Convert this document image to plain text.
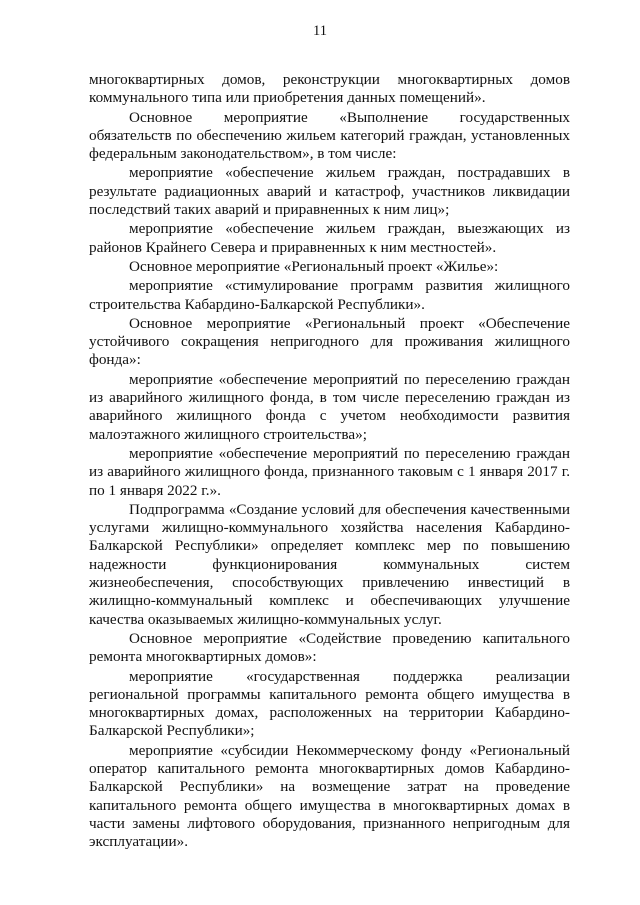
11

многоквартирных домов, реконструкции многоквартирных домов коммунального типа или приобретения данных помещений».

Основное мероприятие «Выполнение государственных обязательств по обеспечению жильем категорий граждан, установленных федеральным законодательством», в том числе:

мероприятие «обеспечение жильем граждан, пострадавших в результате радиационных аварий и катастроф, участников ликвидации последствий таких аварий и приравненных к ним лиц»;

мероприятие «обеспечение жильем граждан, выезжающих из районов Крайнего Севера и приравненных к ним местностей».

Основное мероприятие «Региональный проект «Жилье»:

мероприятие «стимулирование программ развития жилищного строительства Кабардино-Балкарской Республики».

Основное мероприятие «Региональный проект «Обеспечение устойчивого сокращения непригодного для проживания жилищного фонда»:

мероприятие «обеспечение мероприятий по переселению граждан из аварийного жилищного фонда, в том числе переселению граждан из аварийного жилищного фонда с учетом необходимости развития малоэтажного жилищного строительства»;

мероприятие «обеспечение мероприятий по переселению граждан из аварийного жилищного фонда, признанного таковым с 1 января 2017 г. по 1 января 2022 г.».

Подпрограмма «Создание условий для обеспечения качественными услугами жилищно-коммунального хозяйства населения Кабардино-Балкарской Республики» определяет комплекс мер по повышению надежности функционирования коммунальных систем жизнеобеспечения, способствующих привлечению инвестиций в жилищно-коммунальный комплекс и обеспечивающих улучшение качества оказываемых жилищно-коммунальных услуг.

Основное мероприятие «Содействие проведению капитального ремонта многоквартирных домов»:

мероприятие «государственная поддержка реализации региональной программы капитального ремонта общего имущества в многоквартирных домах, расположенных на территории Кабардино-Балкарской Республики»;

мероприятие «субсидии Некоммерческому фонду «Региональный оператор капитального ремонта многоквартирных домов Кабардино-Балкарской Республики» на возмещение затрат на проведение капитального ремонта общего имущества в многоквартирных домах в части замены лифтового оборудования, признанного непригодным для эксплуатации».
